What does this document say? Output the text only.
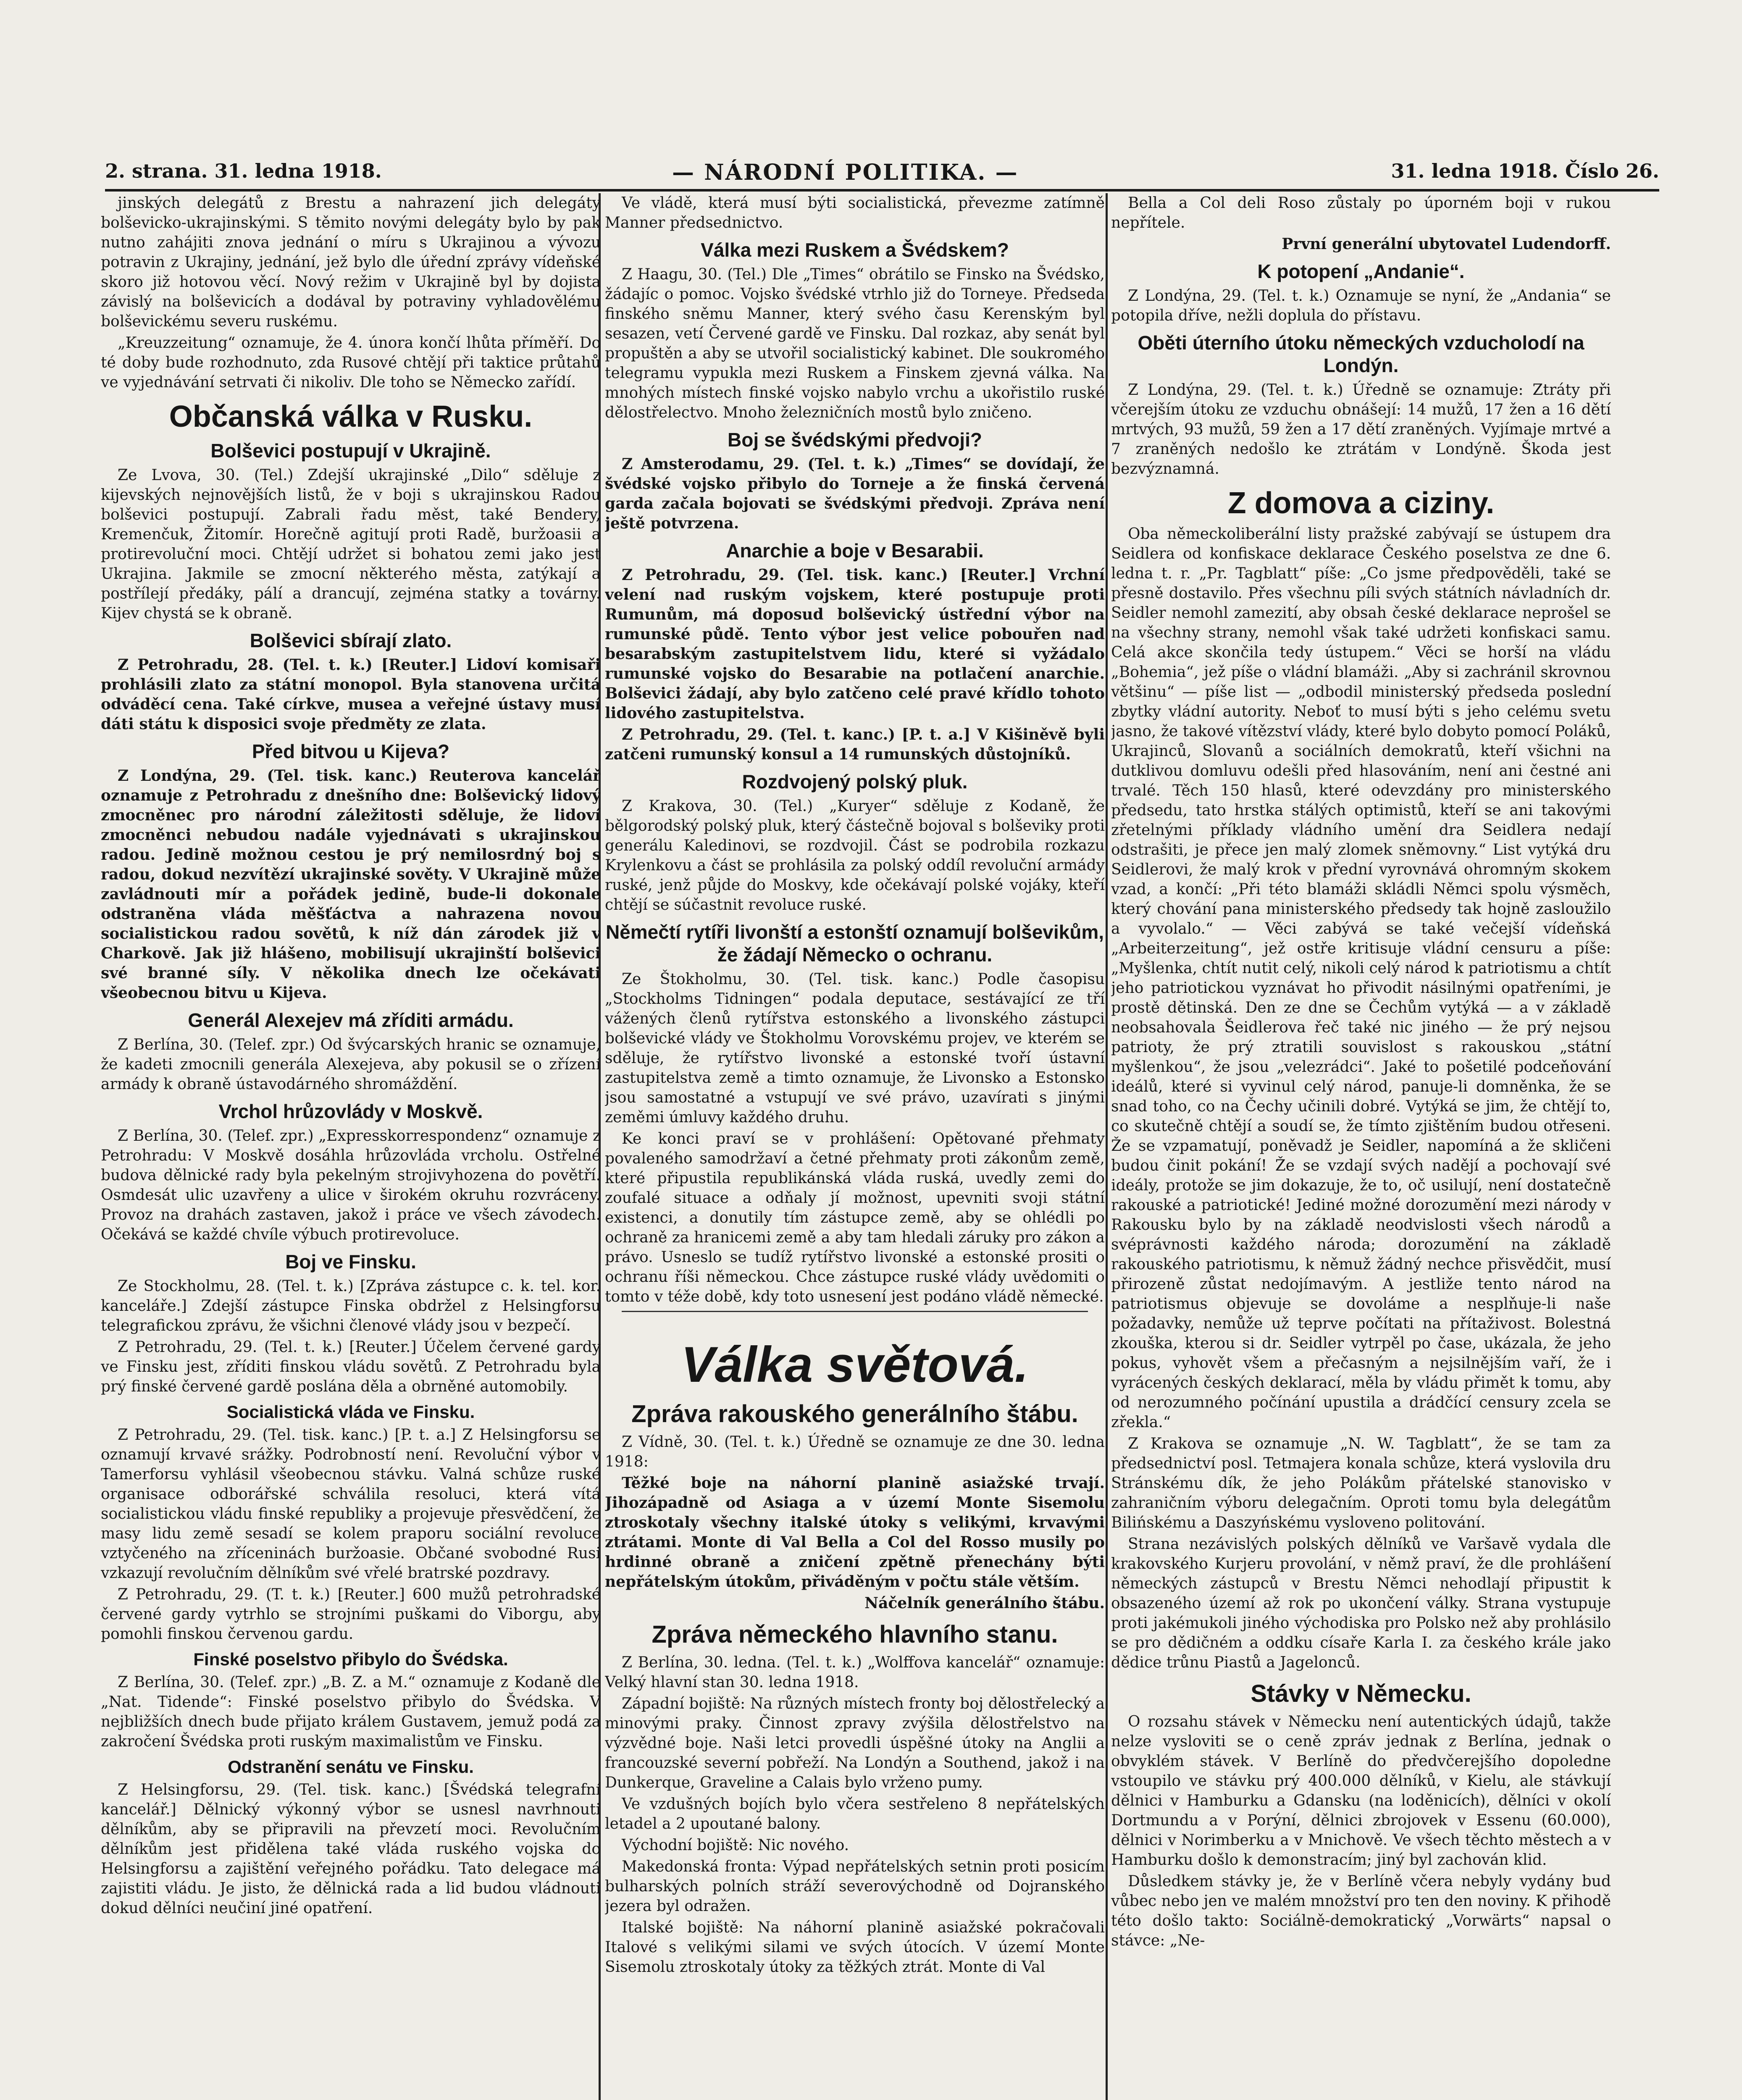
2. strana. 31. ledna 1918.	— NÁRODNÍ POLITIKA. —	31. ledna 1918. Číslo 26.

jinských delegátů z Brestu a nahrazení jich delegáty bolševicko-ukrajinskými. S těmito novými delegáty bylo by pak nutno zahájiti znova jednání o míru s Ukrajinou a vývozu potravin z Ukrajiny, jednání, jež bylo dle úřední zprávy vídeňské skoro již hotovou věcí. Nový režim v Ukrajině byl by dojista závislý na bolševicích a dodával by potraviny vyhladovělému bolševickému severu ruskému.

„Kreuzzeitung“ oznamuje, že 4. února končí lhůta příměří. Do té doby bude rozhodnuto, zda Rusové chtějí při taktice průtahů ve vyjednávání setrvati či nikoliv. Dle toho se Německo zařídí.

Občanská válka v Rusku.
Bolševici postupují v Ukrajině.

Ze Lvova, 30. (Tel.) Zdejší ukrajinské „Dilo“ sděluje z kijevských nejnovějších listů, že v boji s ukrajinskou Radou bolševici postupují. Zabrali řadu měst, také Bendery, Kremenčuk, Žitomír. Horečně agitují proti Radě, buržoasii a protirevoluční moci. Chtějí udržet si bohatou zemi jako jest Ukrajina. Jakmile se zmocní některého města, zatýkají a postřílejí předáky, pálí a drancují, zejména statky a továrny. Kijev chystá se k obraně.

Bolševici sbírají zlato.

Z Petrohradu, 28. (Tel. t. k.) [Reuter.] Lidoví komisaři prohlásili zlato za státní monopol. Byla stanovena určitá odváděcí cena. Také církve, musea a veřejné ústavy musí dáti státu k disposici svoje předměty ze zlata.

Před bitvou u Kijeva?

Z Londýna, 29. (Tel. tisk. kanc.) Reuterova kancelář oznamuje z Petrohradu z dnešního dne: Bolševický lidový zmocněnec pro národní záležitosti sděluje, že lidoví zmocněnci nebudou nadále vyjednávati s ukrajinskou radou. Jedině možnou cestou je prý nemilosrdný boj s radou, dokud nezvítězí ukrajinské sověty. V Ukrajině může zavládnouti mír a pořádek jedině, bude-li dokonale odstraněna vláda měšťáctva a nahrazena novou socialistickou radou sovětů, k níž dán zárodek již v Charkově. Jak již hlášeno, mobilisují ukrajinští bolševici své branné síly. V několika dnech lze očekávati všeobecnou bitvu u Kijeva.

Generál Alexejev má zříditi armádu.

Z Berlína, 30. (Telef. zpr.) Od švýcarských hranic se oznamuje, že kadeti zmocnili generála Alexejeva, aby pokusil se o zřízení armády k obraně ústavodárného shromáždění.

Vrchol hrůzovlády v Moskvě.

Z Berlína, 30. (Telef. zpr.) „Expresskorrespondenz“ oznamuje z Petrohradu: V Moskvě dosáhla hrůzovláda vrcholu. Ostřelné budova dělnické rady byla pekelným strojivyhozena do povětří. Osmdesát ulic uzavřeny a ulice v širokém okruhu rozvráceny. Provoz na drahách zastaven, jakož i práce ve všech závodech. Očekává se každé chvíle výbuch protirevoluce.

Boj ve Finsku.

Ze Stockholmu, 28. (Tel. t. k.) [Zpráva zástupce c. k. tel. kor. kanceláře.] Zdejší zástupce Finska obdržel z Helsingforsu telegrafickou zprávu, že všichni členové vlády jsou v bezpečí.

Z Petrohradu, 29. (Tel. t. k.) [Reuter.] Účelem červené gardy ve Finsku jest, zříditi finskou vládu sovětů. Z Petrohradu byla prý finské červené gardě poslána děla a obrněné automobily.

Socialistická vláda ve Finsku.

Z Petrohradu, 29. (Tel. tisk. kanc.) [P. t. a.] Z Helsingforsu se oznamují krvavé srážky. Podrobností není. Revoluční výbor v Tamerforsu vyhlásil všeobecnou stávku. Valná schůze ruské organisace odborářské schválila resoluci, která vítá socialistickou vládu finské republiky a projevuje přesvědčení, že masy lidu země sesadí se kolem praporu sociální revoluce vztyčeného na zříceninách buržoasie. Občané svobodné Rusi vzkazují revolučním dělníkům své vřelé bratrské pozdravy.

Z Petrohradu, 29. (T. t. k.) [Reuter.] 600 mužů petrohradské červené gardy vytrhlo se strojními puškami do Viborgu, aby pomohli finskou červenou gardu.

Finské poselstvo přibylo do Švédska.

Z Berlína, 30. (Telef. zpr.) „B. Z. a M.“ oznamuje z Kodaně dle „Nat. Tidende“: Finské poselstvo přibylo do Švédska. V nejbližších dnech bude přijato králem Gustavem, jemuž podá za zakročení Švédska proti ruským maximalistům ve Finsku.

Odstranění senátu ve Finsku.

Z Helsingforsu, 29. (Tel. tisk. kanc.) [Švédská telegrafní kancelář.] Dělnický výkonný výbor se usnesl navrhnouti dělníkům, aby se připravili na převzetí moci. Revolučním dělníkům jest přidělena také vláda ruského vojska do Helsingforsu a zajištění veřejného pořádku. Tato delegace má zajistiti vládu. Je jisto, že dělnická rada a lid budou vládnouti dokud dělníci neučiní jiné opatření.

Ve vládě, která musí býti socialistická, převezme zatímně Manner předsednictvo.

Válka mezi Ruskem a Švédskem?

Z Haagu, 30. (Tel.) Dle „Times“ obrátilo se Finsko na Švédsko, žádajíc o pomoc. Vojsko švédské vtrhlo již do Torneye. Předseda finského sněmu Manner, který svého času Kerenským byl sesazen, vetí Červené gardě ve Finsku. Dal rozkaz, aby senát byl propuštěn a aby se utvořil socialistický kabinet. Dle soukromého telegramu vypukla mezi Ruskem a Finskem zjevná válka. Na mnohých místech finské vojsko nabylo vrchu a ukořistilo ruské dělostřelectvo. Mnoho železničních mostů bylo zničeno.

Boj se švédskými předvoji?

Z Amsterodamu, 29. (Tel. t. k.) „Times“ se dovídají, že švédské vojsko přibylo do Torneje a že finská červená garda začala bojovati se švédskými předvoji. Zpráva není ještě potvrzena.

Anarchie a boje v Besarabii.

Z Petrohradu, 29. (Tel. tisk. kanc.) [Reuter.] Vrchní velení nad ruským vojskem, které postupuje proti Rumunům, má doposud bolševický ústřední výbor na rumunské půdě. Tento výbor jest velice pobouřen nad besarabským zastupitelstvem lidu, které si vyžádalo rumunské vojsko do Besarabie na potlačení anarchie. Bolševici žádají, aby bylo zatčeno celé pravé křídlo tohoto lidového zastupitelstva.

Z Petrohradu, 29. (Tel. t. kanc.) [P. t. a.] V Kišiněvě byli zatčeni rumunský konsul a 14 rumunských důstojníků.

Rozdvojený polský pluk.

Z Krakova, 30. (Tel.) „Kuryer“ sděluje z Kodaně, že bělgorodský polský pluk, který částečně bojoval s bolševiky proti generálu Kaledinovi, se rozdvojil. Část se podrobila rozkazu Krylenkovu a část se prohlásila za polský oddíl revoluční armády ruské, jenž půjde do Moskvy, kde očekávají polské vojáky, kteří chtějí se súčastnit revoluce ruské.

Němečtí rytíři livonští a estonští oznamují bolševikům, že žádají Německo o ochranu.

Ze Štokholmu, 30. (Tel. tisk. kanc.) Podle časopisu „Stockholms Tidningen“ podala deputace, sestávající ze tří vážených členů rytířstva estonského a livonského zástupci bolševické vlády ve Štokholmu Vorovskému projev, ve kterém se sděluje, že rytířstvo livonské a estonské tvoří ústavní zastupitelstva země a timto oznamuje, že Livonsko a Estonsko jsou samostatné a vstupují ve své právo, uzavírati s jinými zeměmi úmluvy každého druhu.

Ke konci praví se v prohlášení: Opětované přehmaty povaleného samodržaví a četné přehmaty proti zákonům země, které připustila republikánská vláda ruská, uvedly zemi do zoufalé situace a odňaly jí možnost, upevniti svoji státní existenci, a donutily tím zástupce země, aby se ohlédli po ochraně za hranicemi země a aby tam hledali záruky pro zákon a právo. Usneslo se tudíž rytířstvo livonské a estonské prositi o ochranu říši německou. Chce zástupce ruské vlády uvědomiti o tomto v téže době, kdy toto usnesení jest podáno vládě německé.

Válka světová.
Zpráva rakouského generálního štábu.

Z Vídně, 30. (Tel. t. k.) Úředně se oznamuje ze dne 30. ledna 1918:

Těžké boje na náhorní planině asiažské trvají. Jihozápadně od Asiaga a v území Monte Sisemolu ztroskotaly všechny italské útoky s velikými, krvavými ztrátami. Monte di Val Bella a Col del Rosso musily po hrdinné obraně a zničení zpětně přenechány býti nepřátelským útokům, přiváděným v počtu stále větším.

Náčelník generálního štábu.
Zpráva německého hlavního stanu.

Z Berlína, 30. ledna. (Tel. t. k.) „Wolffova kancelář“ oznamuje: Velký hlavní stan 30. ledna 1918.

Západní bojiště: Na různých místech fronty boj dělostřelecký a minovými praky. Činnost zpravy zvýšila dělostřelstvo na výzvědné boje. Naši letci provedli úspěšné útoky na Anglii a francouzské severní pobřeží. Na Londýn a Southend, jakož i na Dunkerque, Graveline a Calais bylo vrženo pumy.

Ve vzdušných bojích bylo včera sestřeleno 8 nepřátelských letadel a 2 upoutané balony.

Východní bojiště: Nic nového.

Makedonská fronta: Výpad nepřátelských setnin proti posicím bulharských polních stráží severovýchodně od Dojranského jezera byl odražen.

Italské bojiště: Na náhorní planině asiažské pokračovali Italové s velikými silami ve svých útocích. V území Monte Sisemolu ztroskotaly útoky za těžkých ztrát. Monte di Val

Bella a Col deli Roso zůstaly po úporném boji v rukou nepřítele.

První generální ubytovatel Ludendorff.
K potopení „Andanie“.

Z Londýna, 29. (Tel. t. k.) Oznamuje se nyní, že „Andania“ se potopila dříve, nežli doplula do přístavu.

Oběti úterního útoku německých vzducholodí na Londýn.

Z Londýna, 29. (Tel. t. k.) Úředně se oznamuje: Ztráty při včerejším útoku ze vzduchu obnášejí: 14 mužů, 17 žen a 16 dětí mrtvých, 93 mužů, 59 žen a 17 dětí zraněných. Vyjímaje mrtvé a 7 zraněných nedošlo ke ztrátám v Londýně. Škoda jest bezvýznamná.

Z domova a ciziny.

Oba německoliberální listy pražské zabývají se ústupem dra Seidlera od konfiskace deklarace Českého poselstva ze dne 6. ledna t. r. „Pr. Tagblatt“ píše: „Co jsme předpověděli, také se přesně dostavilo. Přes všechnu píli svých státních návladních dr. Seidler nemohl zamezití, aby obsah české deklarace neprošel se na všechny strany, nemohl však také udržeti konfiskaci samu. Celá akce skončila tedy ústupem.“ Věci se horší na vládu „Bohemia“, jež píše o vládní blamáži. „Aby si zachránil skrovnou většinu“ — píše list — „odbodil ministerský předseda poslední zbytky vládní autority. Neboť to musí býti s jeho celému svetu jasno, že takové vítězství vlády, které bylo dobyto pomocí Poláků, Ukrajinců, Slovanů a sociálních demokratů, kteří všichni na dutklivou domluvu odešli před hlasováním, není ani čestné ani trvalé. Těch 150 hlasů, které odevzdány pro ministerského předsedu, tato hrstka stálých optimistů, kteří se ani takovými zřetelnými příklady vládního umění dra Seidlera nedají odstrašiti, je přece jen malý zlomek sněmovny.“ List vytýká dru Seidlerovi, že malý krok v přední vyrovnává ohromným skokem vzad, a končí: „Při této blamáži skládli Němci spolu výsměch, který chování pana ministerského předsedy tak hojně zasloužilo a vyvolalo.“ — Věci zabývá se také večejší vídeňská „Arbeiterzeitung“, jež ostře kritisuje vládní censuru a píše: „Myšlenka, chtít nutit celý, nikoli celý národ k patriotismu a chtít jeho patriotickou vyznávat ho přivodit násilnými opatřeními, je prostě dětinská. Den ze dne se Čechům vytýká — a v základě neobsahovala Šeidlerova řeč také nic jiného — že prý nejsou patrioty, že prý ztratili souvislost s rakouskou „státní myšlenkou“, že jsou „velezrádci“. Jaké to pošetilé podceňování ideálů, které si vyvinul celý národ, panuje-li domněnka, že se snad toho, co na Čechy učinili dobré. Vytýká se jim, že chtějí to, co skutečně chtějí a soudí se, že tímto zjištěním budou otřeseni. Že se vzpamatují, poněvadž je Seidler, napomíná a že skličeni budou činit pokání! Že se vzdají svých nadějí a pochovají své ideály, protože se jim dokazuje, že to, oč usilují, není dostatečně rakouské a patriotické! Jediné možné dorozumění mezi národy v Rakousku bylo by na základě neodvislosti všech národů a svéprávnosti každého národa; dorozumění na základě rakouského patriotismu, k němuž žádný nechce přisvědčit, musí přirozeně zůstat nedojímavým. A jestliže tento národ na patriotismus objevuje se dovoláme a nesplňuje-li naše požadavky, nemůže už teprve počítati na přítaživost. Bolestná zkouška, kterou si dr. Seidler vytrpěl po čase, ukázala, že jeho pokus, vyhovět všem a přečasným a nejsilnějším vaří, že i vyrácených českých deklarací, měla by vládu přimět k tomu, aby od nerozumného počínání upustila a drádčící censury zcela se zřekla.“

Z Krakova se oznamuje „N. W. Tagblatt“, že se tam za předsednictví posl. Tetmajera konala schůze, která vyslovila dru Stránskému dík, že jeho Polákům přátelské stanovisko v zahraničním výboru delegačním. Oproti tomu byla delegátům Bilińskému a Daszyńskému vysloveno politování.

Strana nezávislých polských dělníků ve Varšavě vydala dle krakovského Kurjeru provolání, v němž praví, že dle prohlášení německých zástupců v Brestu Němci nehodlají připustit k obsazeného území až rok po ukončení války. Strana vystupuje proti jakémukoli jiného východiska pro Polsko než aby prohlásilo se pro dědičném a oddku císaře Karla I. za českého krále jako dědice trůnu Piastů a Jagelonců.

Stávky v Německu.

O rozsahu stávek v Německu není autentických údajů, takže nelze vysloviti se o ceně zpráv jednak z Berlína, jednak o obvyklém stávek. V Berlíně do předvčerejšího dopoledne vstoupilo ve stávku prý 400.000 dělníků, v Kielu, ale stávkují dělnici v Hamburku a Gdansku (na loděnicích), dělníci v okolí Dortmundu a v Porýní, dělnici zbrojovek v Essenu (60.000), dělnici v Norimberku a v Mnichově. Ve všech těchto městech a v Hamburku došlo k demonstracím; jiný byl zachován klid.

Důsledkem stávky je, že v Berlíně včera nebyly vydány bud vůbec nebo jen ve malém množství pro ten den noviny. K přihodě této došlo takto: Sociálně-demokratický „Vorwärts“ napsal o stávce: „Ne-
